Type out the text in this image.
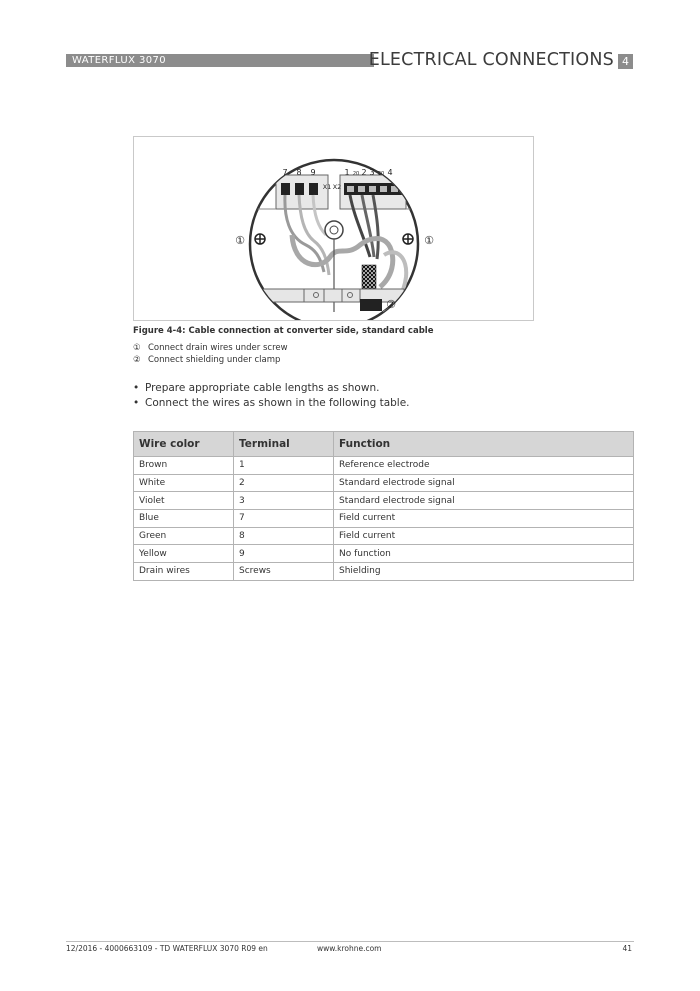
WATERFLUX 3070	ELECTRICAL CONNECTIONS 4
7 8 9	1 20 2 3 30 4
X1 X2
①	①
②
Figure 4-4: Cable connection at converter side, standard cable
① Connect drain wires under screw
② Connect shielding under clamp
• Prepare appropriate cable lengths as shown.
• Connect the wires as shown in the following table.
Wire color	Terminal	Function
Brown	1	Reference electrode
White	2	Standard electrode signal
Violet	3	Standard electrode signal
Blue	7	Field current
Green	8	Field current
Yellow	9	No function
Drain wires	Screws	Shielding
12/2016 - 4000663109 - TD WATERFLUX 3070 R09 en	www.krohne.com	41
